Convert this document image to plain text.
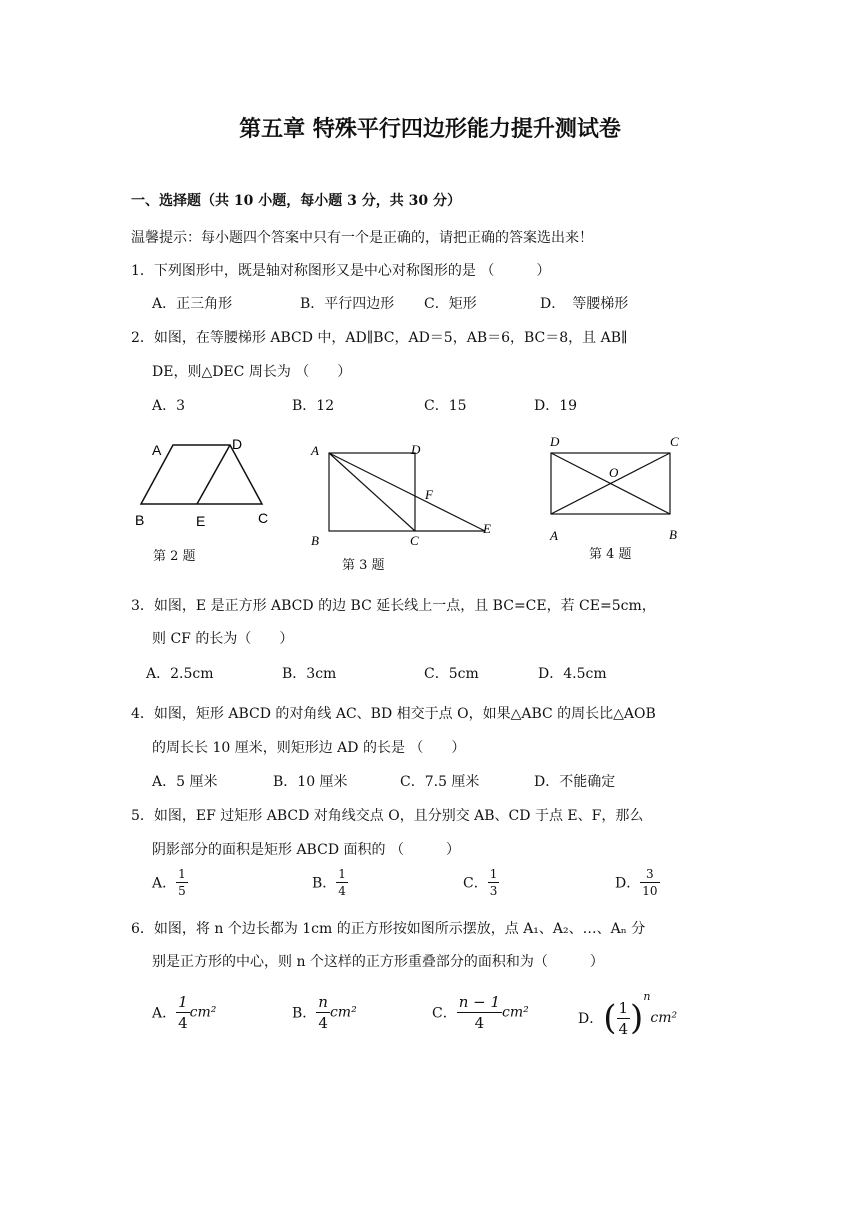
第五章 特殊平行四边形能力提升测试卷
一、选择题（共 10 小题，每小题 3 分，共 30 分）
温馨提示：每小题四个答案中只有一个是正确的，请把正确的答案选出来！
1．下列图形中，既是轴对称图形又是中心对称图形的是 （　　　）
A．正三角形	B．平行四边形 C．矩形	D．　等腰梯形
2．如图，在等腰梯形 ABCD 中，AD∥BC，AD＝5，AB＝6，BC＝8，且 AB∥
DE，则△DEC 周长为 （　　）
A．3	B．12	C．15	D．19
A	D
B	E	C
A	D
F
E
B	C
D	C
O
A	B
第 2 题
第 3 题
第 4 题
3．如图，E 是正方形 ABCD 的边 BC 延长线上一点，且 BC=CE，若 CE=5cm，
则 CF 的长为（　　）
A．2.5cm	B．3cm	C．5cm	D．4.5cm
4．如图，矩形 ABCD 的对角线 AC、BD 相交于点 O，如果△ABC 的周长比△AOB
的周长长 10 厘米，则矩形边 AD 的长是 （　　）
A．5 厘米	B．10 厘米	C．7.5 厘米	D．不能确定
5．如图，EF 过矩形 ABCD 对角线交点 O，且分别交 AB、CD 于点 E、F，那么
阴影部分的面积是矩形 ABCD 面积的 （　　　）
A． $\frac{1}{5}$	B． $\frac{1}{4}$	C． $\frac{1}{3}$	D． $\frac{3}{10}$
6．如图，将 n 个边长都为 1cm 的正方形按如图所示摆放，点 A₁、A₂、…、Aₙ 分
别是正方形的中心，则 n 个这样的正方形重叠部分的面积和为（　　　）
A． $\frac{1}{4} cm^2$	B． $\frac{n}{4} cm^2$	C． $\frac{n - 1}{4} cm^2$	D．( $\frac{1}{4} )^ncm^2$
